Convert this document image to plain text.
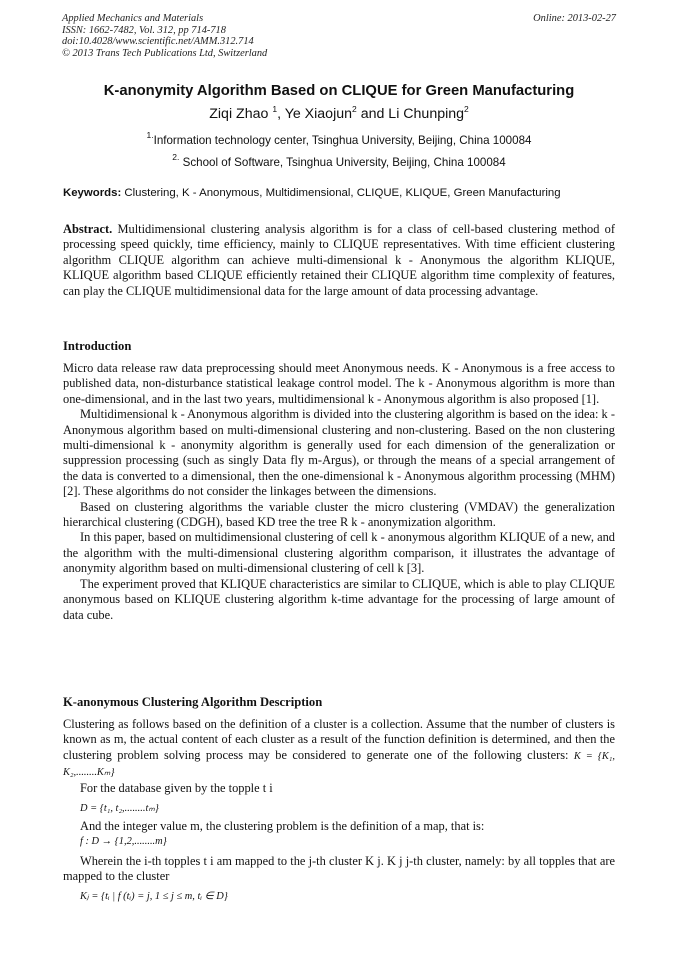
Applied Mechanics and Materials
ISSN: 1662-7482, Vol. 312, pp 714-718
doi:10.4028/www.scientific.net/AMM.312.714
© 2013 Trans Tech Publications Ltd, Switzerland
Online: 2013-02-27
K-anonymity Algorithm Based on CLIQUE for Green Manufacturing
Ziqi Zhao $^1$, Ye Xiaojun$^2$ and Li Chunping$^2$
$^{1.}$Information technology center, Tsinghua University, Beijing, China 100084
$^{2.}$ School of Software, Tsinghua University, Beijing, China 100084
Keywords: Clustering, K - Anonymous, Multidimensional, CLIQUE, KLIQUE, Green Manufacturing

Abstract. Multidimensional clustering analysis algorithm is for a class of cell-based clustering method of processing speed quickly, time efficiency, mainly to CLIQUE representatives. With time efficient clustering algorithm CLIQUE algorithm can achieve multi-dimensional k - Anonymous the algorithm KLIQUE, KLIQUE algorithm based CLIQUE efficiently retained their CLIQUE algorithm time complexity of features, can play the CLIQUE multidimensional data for the large amount of data processing advantage.

Introduction

Micro data release raw data preprocessing should meet Anonymous needs. K - Anonymous is a free access to published data, non-disturbance statistical leakage control model. The k - Anonymous algorithm is more than one-dimensional, and in the last two years, multidimensional k - Anonymous algorithm is also proposed [1].

Multidimensional k - Anonymous algorithm is divided into the clustering algorithm is based on the idea: k - Anonymous algorithm based on multi-dimensional clustering and non-clustering. Based on the non clustering multi-dimensional k - anonymity algorithm is generally used for each dimension of the generalization or suppression processing (such as singly Data fly m-Argus), or through the means of a special arrangement of the data is converted to a dimensional, then the one-dimensional k - Anonymous algorithm processing (MHM) [2]. These algorithms do not consider the linkages between the dimensions.

Based on clustering algorithms the variable cluster the micro clustering (VMDAV) the generalization hierarchical clustering (CDGH), based KD tree the tree R k - anonymization algorithm.

In this paper, based on multidimensional clustering of cell k - anonymous algorithm KLIQUE of a new, and the algorithm with the multi-dimensional clustering algorithm comparison, it illustrates the advantage of anonymity algorithm based on multi-dimensional clustering of cell k [3].

The experiment proved that KLIQUE characteristics are similar to CLIQUE, which is able to play CLIQUE anonymous based on KLIQUE clustering algorithm k-time advantage for the processing of large amount of data cube.

K-anonymous Clustering Algorithm Description

Clustering as follows based on the definition of a cluster is a collection. Assume that the number of clusters is known as m, the actual content of each cluster as a result of the function definition is determined, and then the clustering problem solving process may be considered to generate one of the following clusters: K = {K₁, K₂,........Kₘ}

For the database given by the topple t i

D = {t₁, t₂,........tₘ}

And the integer value m, the clustering problem is the definition of a map, that is:

f : D → {1,2,........m}

Wherein the i-th topples t i am mapped to the j-th cluster K j. K j j-th cluster, namely: by all topples that are mapped to the cluster

Kⱼ = {tᵢ | f (tᵢ) = j, 1 ≤ j ≤ m, tᵢ ∈ D}
